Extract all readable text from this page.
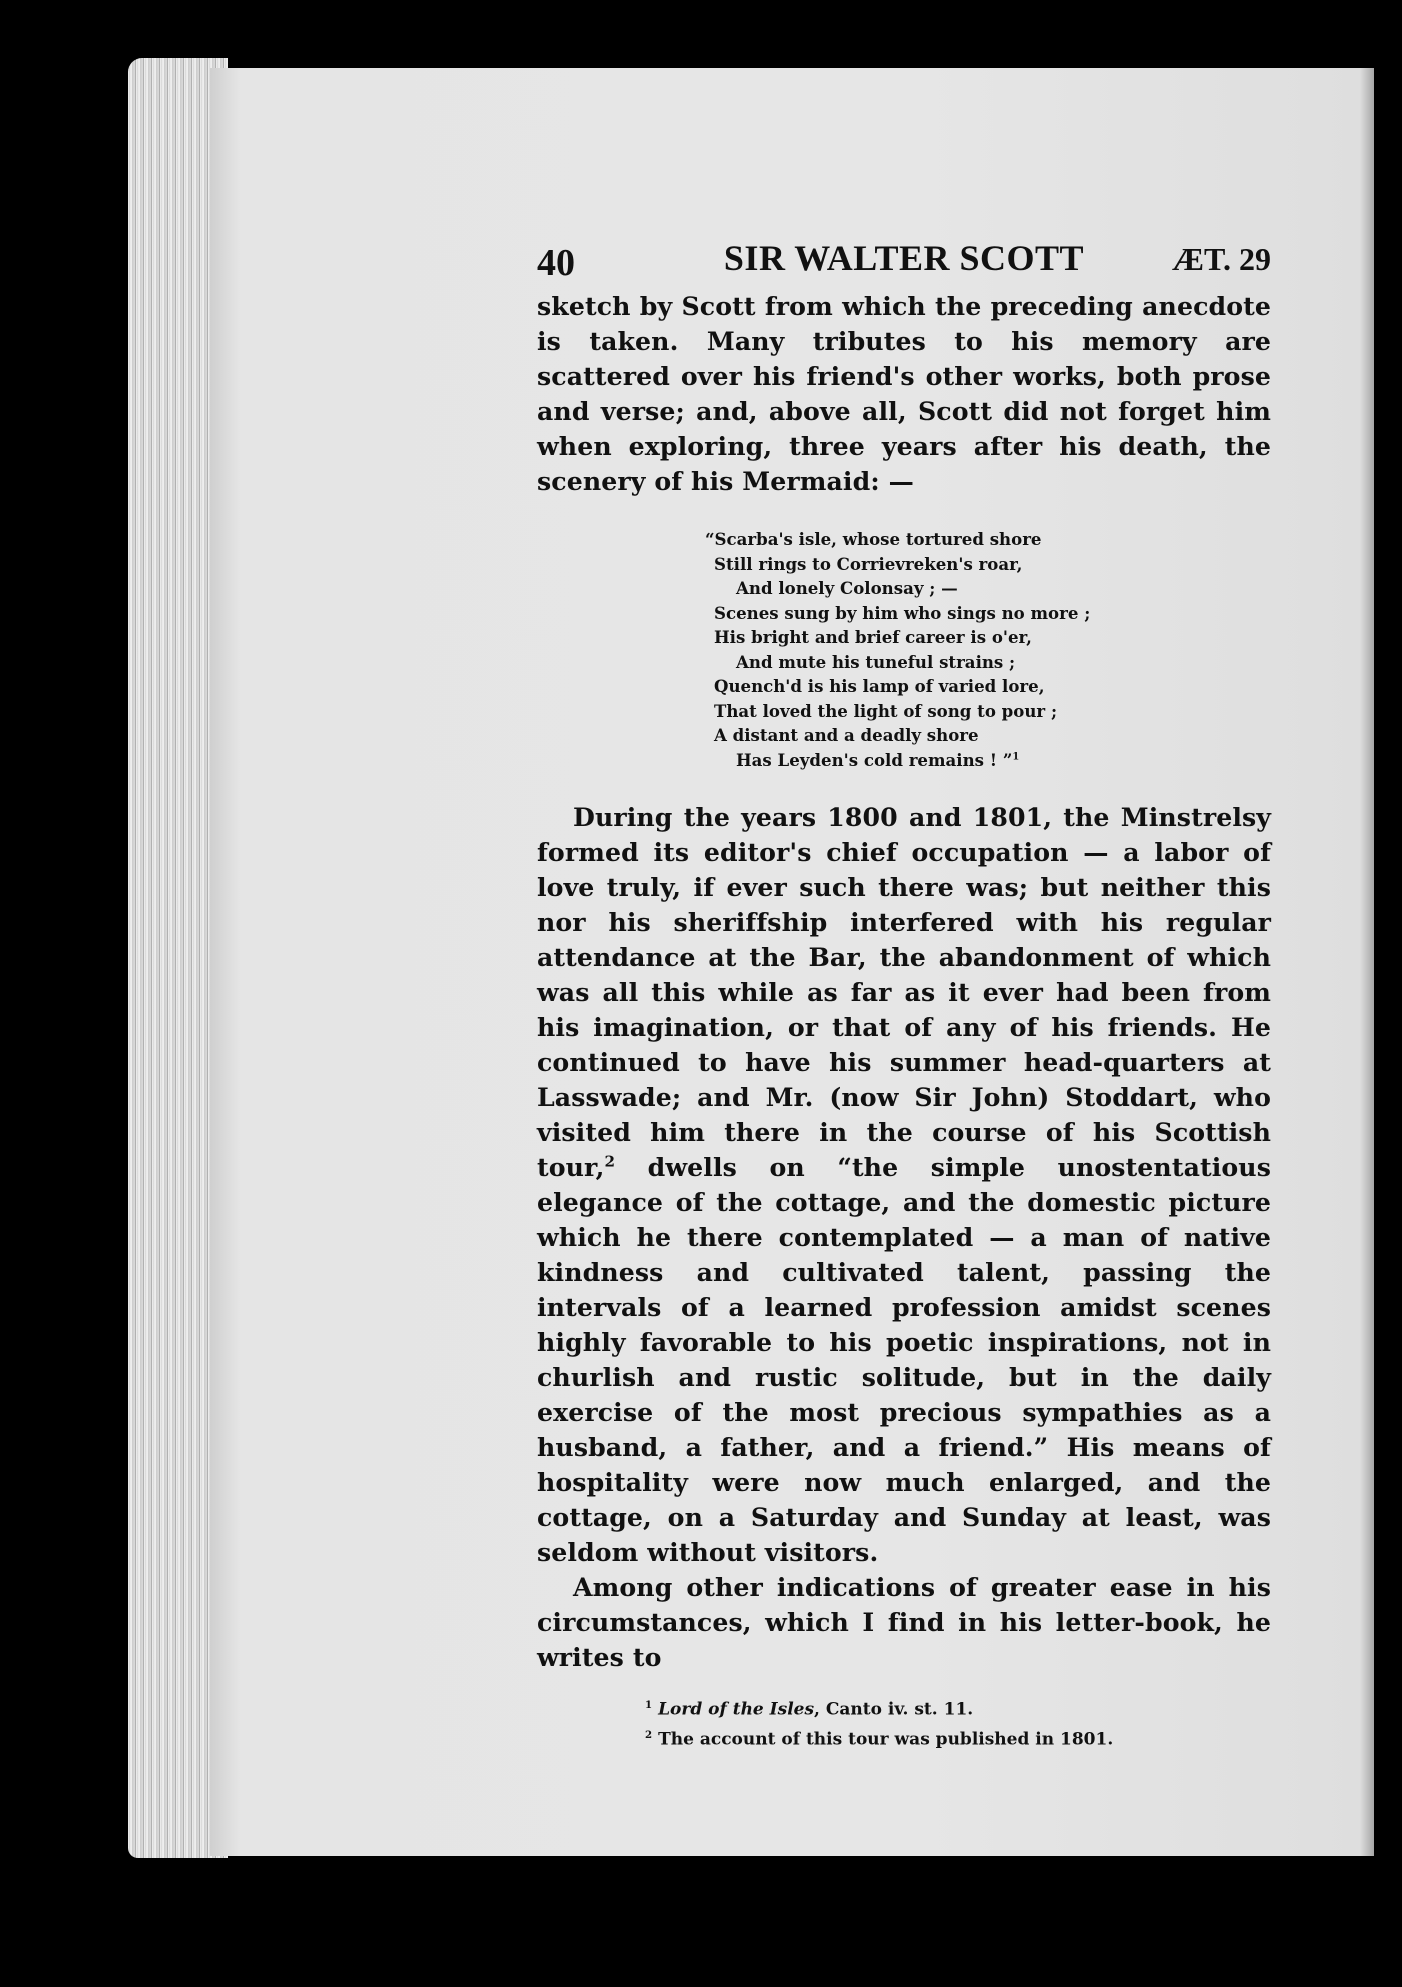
40	SIR WALTER SCOTT	ÆT. 29

sketch by Scott from which the preceding anecdote is taken. Many tributes to his memory are scattered over his friend's other works, both prose and verse; and, above all, Scott did not forget him when exploring, three years after his death, the scenery of his Mermaid: —

“Scarba's isle, whose tortured shore
Still rings to Corrievreken's roar,
And lonely Colonsay ; —
Scenes sung by him who sings no more ;
His bright and brief career is o'er,
And mute his tuneful strains ;
Quench'd is his lamp of varied lore,
That loved the light of song to pour ;
A distant and a deadly shore
Has Leyden's cold remains ! ”$^1$

During the years 1800 and 1801, the Minstrelsy formed its editor's chief occupation — a labor of love truly, if ever such there was; but neither this nor his sheriffship interfered with his regular attendance at the Bar, the abandonment of which was all this while as far as it ever had been from his imagination, or that of any of his friends. He continued to have his summer head-quarters at Lasswade; and Mr. (now Sir John) Stoddart, who visited him there in the course of his Scottish tour,$^2$ dwells on “the simple unostentatious elegance of the cottage, and the domestic picture which he there contemplated — a man of native kindness and cultivated talent, passing the intervals of a learned profession amidst scenes highly favorable to his poetic inspirations, not in churlish and rustic solitude, but in the daily exercise of the most precious sympathies as a husband, a father, and a friend.” His means of hospitality were now much enlarged, and the cottage, on a Saturday and Sunday at least, was seldom without visitors.

Among other indications of greater ease in his circumstances, which I find in his letter-book, he writes to

$^1$ Lord of the Isles, Canto iv. st. 11.
$^2$ The account of this tour was published in 1801.
